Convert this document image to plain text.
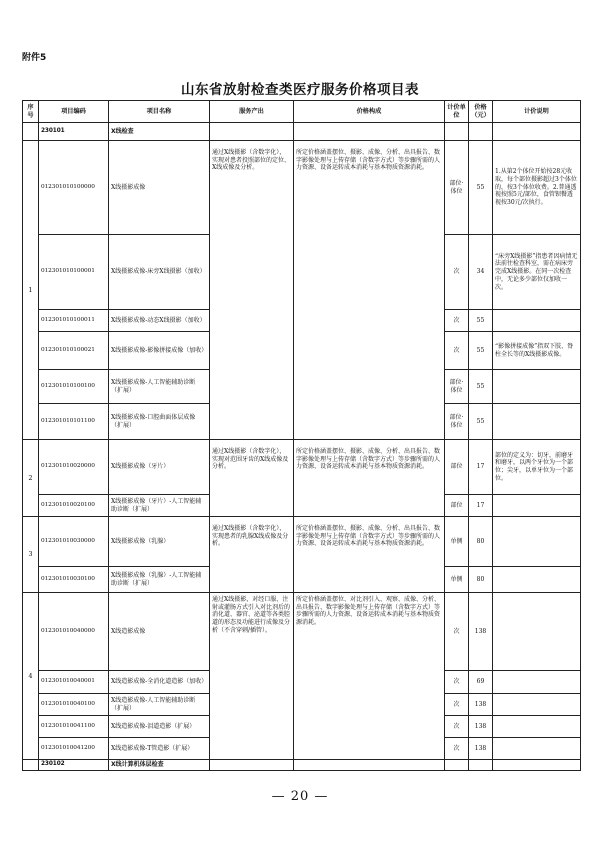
附件5
山东省放射检查类医疗服务价格项目表
序号	项目编码	项目名称	服务产出	价格构成	计价单位	价格（元）	计价说明
	230101	X线检查					
1	012301010100000	X线摄影成像	通过X线摄影（含数字化），实现对患者投照部位的定位、X线成像及分析。	所定价格涵盖摆位、摄影、成像、分析、出具报告、数字影像处理与上传存储（含数字方式）等步骤所需的人力资源、设备运转成本消耗与基本物质资源消耗。	部位·体位	55	1.从第2个体位开始按28元收取，每个部位摄影超过3个体位的，按3个体位收费。2.普通透视按照5元/部位，食管钡餐透视按30元/次执行。
	012301010100001	X线摄影成像-床旁X线摄影（加收）			次	34	“床旁X线摄影”指患者因病情无法前往检查科室，需在病床旁完成X线摄影。在同一次检查中，无论多少部位仅加收一次。
	012301010100011	X线摄影成像-动态X线摄影（加收）			次	55	
	012301010100021	X线摄影成像-影像拼接成像（加收）			次	55	“影像拼接成像”指双下肢、脊柱全长等的X线摄影成像。
	012301010100100	X线摄影成像-人工智能辅助诊断（扩展）			部位·体位	55	
	012301010101100	X线摄影成像-口腔曲面体层成像（扩展）			部位·体位	55	
2	012301010020000	X线摄影成像（牙片）	通过X线摄影（含数字化），实现对范围牙齿的X线成像及分析。	所定价格涵盖摆位、摄影、成像、分析、出具报告、数字影像处理与上传存储（含数字方式）等步骤所需的人力资源、设备运转成本消耗与基本物质资源消耗。	部位	17	部位的定义为：切牙，前磨牙和磨牙，以两个牙位为一个部位；尖牙，以单牙位为一个部位。
	012301010020100	X线摄影成像（牙片）-人工智能辅助诊断（扩展）			部位	17	
3	012301010030000	X线摄影成像（乳腺）	通过X线摄影（含数字化），实现患者的乳腺X线成像及分析。	所定价格涵盖摆位、摄影、成像、分析、出具报告、数字影像处理与上传存储（含数字方式）等步骤所需的人力资源、设备运转成本消耗与基本物质资源消耗。	单侧	80	
	012301010030100	X线摄影成像（乳腺）-人工智能辅助诊断（扩展）			单侧	80	
4	012301010040000	X线造影成像	通过X线摄影，对经口服、注射或灌肠方式引入对比剂后的消化道、器官、泌道等各类腔道的形态及功能进行成像及分析（不含穿刺/插管）。	所定价格涵盖摆位、对比剂引入、观察、成像、分析、出具报告、数字影像处理与上传存储（含数字方式）等步骤所需的人力资源、设备运转成本消耗与基本物质资源消耗。	次	138	
	012301010040001	X线造影成像-全消化道造影（加收）			次	69	
	012301010040100	X线造影成像-人工智能辅助诊断（扩展）			次	138	
	012301010041100	X线造影成像-泪道造影（扩展）			次	138	
	012301010041200	X线造影成像-T管造影（扩展）			次	138	
	230102	X线计算机体层检查					
— 20 —
